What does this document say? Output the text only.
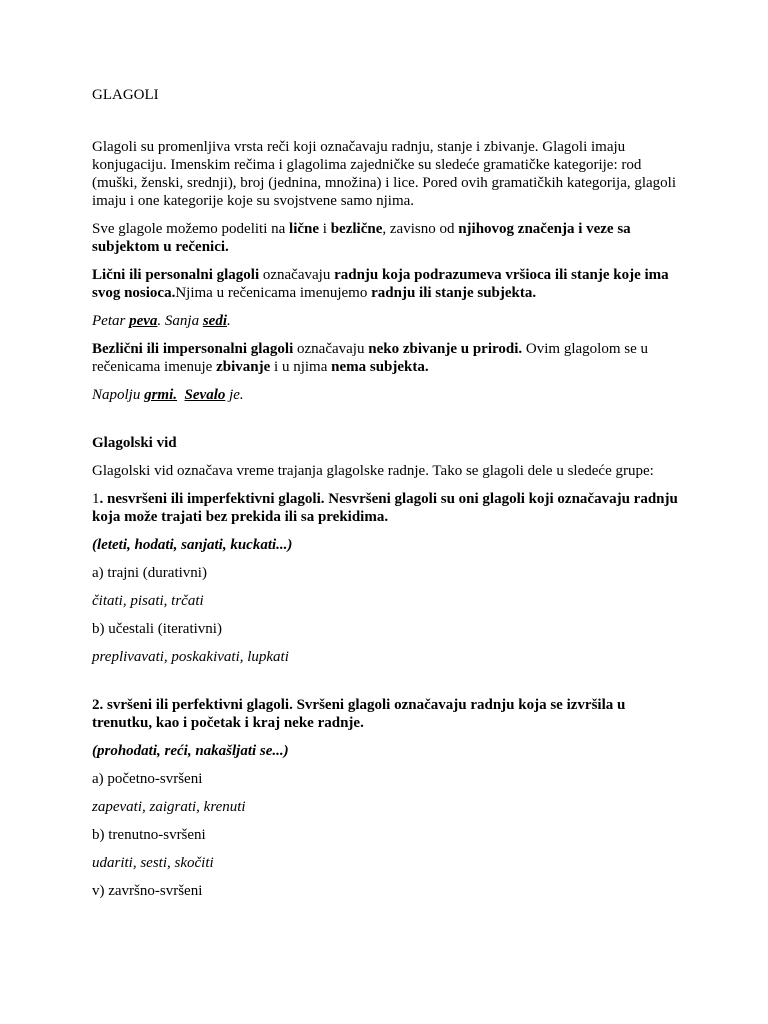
GLAGOLI

Glagoli su promenljiva vrsta reči koji označavaju radnju, stanje i zbivanje. Glagoli imaju konjugaciju. Imenskim rečima i glagolima zajedničke su sledeće gramatičke kategorije: rod (muški, ženski, srednji), broj (jednina, množina) i lice. Pored ovih gramatičkih kategorija, glagoli imaju i one kategorije koje su svojstvene samo njima.

Sve glagole možemo podeliti na lične i bezlične, zavisno od njihovog značenja i veze sa subjektom u rečenici.

Lični ili personalni glagoli označavaju radnju koja podrazumeva vršioca ili stanje koje ima svog nosioca.Njima u rečenicama imenujemo radnju ili stanje subjekta.

Petar peva. Sanja sedi.

Bezlični ili impersonalni glagoli označavaju neko zbivanje u prirodi. Ovim glagolom se u rečenicama imenuje zbivanje i u njima nema subjekta.

Napolju grmi. Sevalo je.

Glagolski vid

Glagolski vid označava vreme trajanja glagolske radnje. Tako se glagoli dele u sledeće grupe:

1. nesvršeni ili imperfektivni glagoli. Nesvršeni glagoli su oni glagoli koji označavaju radnju koja može trajati bez prekida ili sa prekidima.

(leteti, hodati, sanjati, kuckati...)

a) trajni (durativni)

čitati, pisati, trčati

b) učestali (iterativni)

preplivavati, poskakivati, lupkati

2. svršeni ili perfektivni glagoli. Svršeni glagoli označavaju radnju koja se izvršila u trenutku, kao i početak i kraj neke radnje.

(prohodati, reći, nakašljati se...)

a) početno-svršeni

zapevati, zaigrati, krenuti

b) trenutno-svršeni

udariti, sesti, skočiti

v) završno-svršeni
